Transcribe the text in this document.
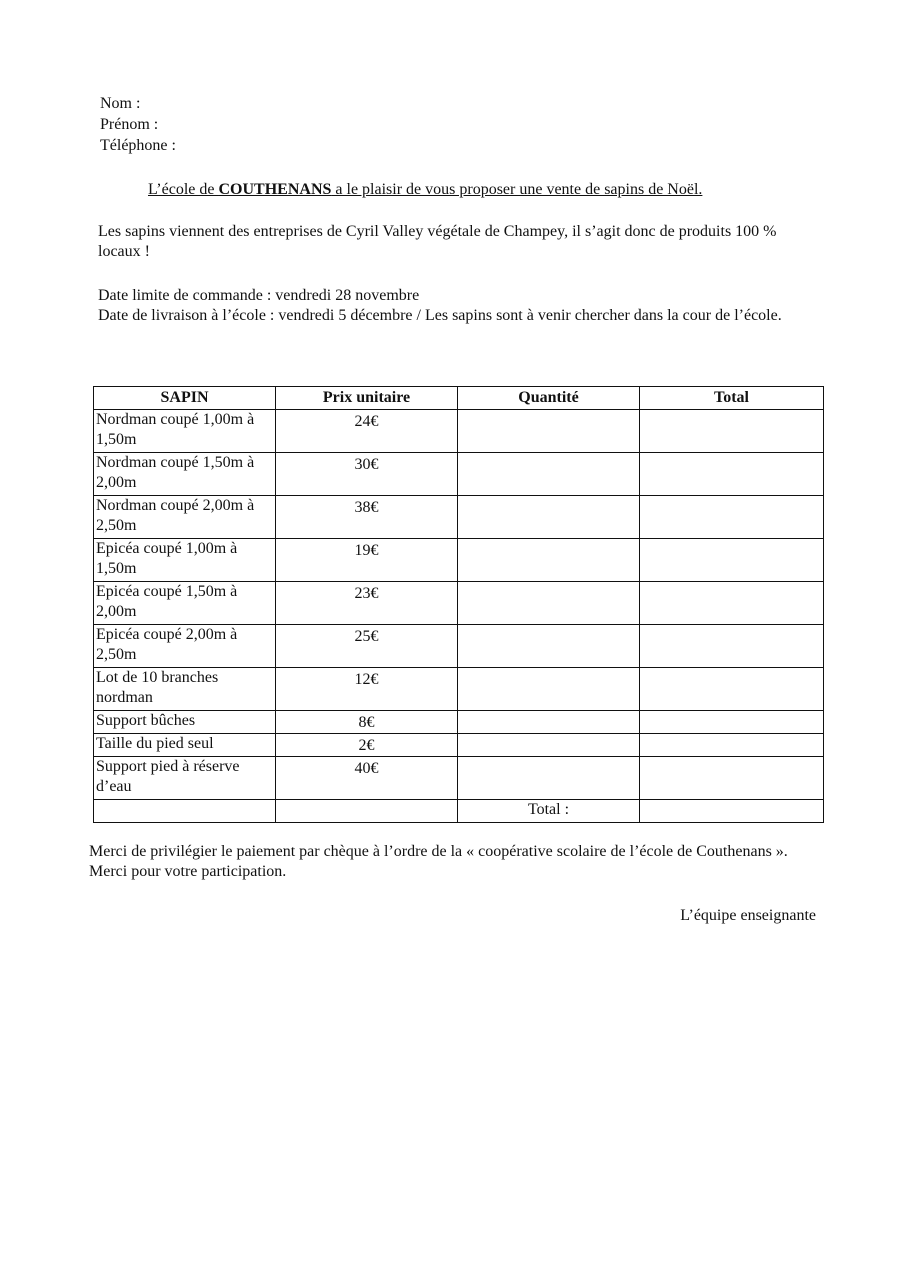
Nom :
Prénom :
Téléphone :
L’école de COUTHENANS a le plaisir de vous proposer une vente de sapins de Noël.
Les sapins viennent des entreprises de Cyril Valley végétale de Champey, il s’agit donc de produits 100 % locaux !
Date limite de commande : vendredi 28 novembre
Date de livraison à l’école : vendredi 5 décembre / Les sapins sont à venir chercher dans la cour de l’école.
SAPIN	Prix unitaire	Quantité	Total
Nordman coupé 1,00m à 1,50m	24€		
Nordman coupé 1,50m à 2,00m	30€		
Nordman coupé 2,00m à 2,50m	38€		
Epicéa coupé 1,00m à 1,50m	19€		
Epicéa coupé 1,50m à 2,00m	23€		
Epicéa coupé 2,00m à 2,50m	25€		
Lot de 10 branches nordman	12€		
Support bûches	8€		
Taille du pied seul	2€		
Support pied à réserve d’eau	40€		
		Total :	
Merci de privilégier le paiement par chèque à l’ordre de la « coopérative scolaire de l’école de Couthenans ».
Merci pour votre participation.
L’équipe enseignante
